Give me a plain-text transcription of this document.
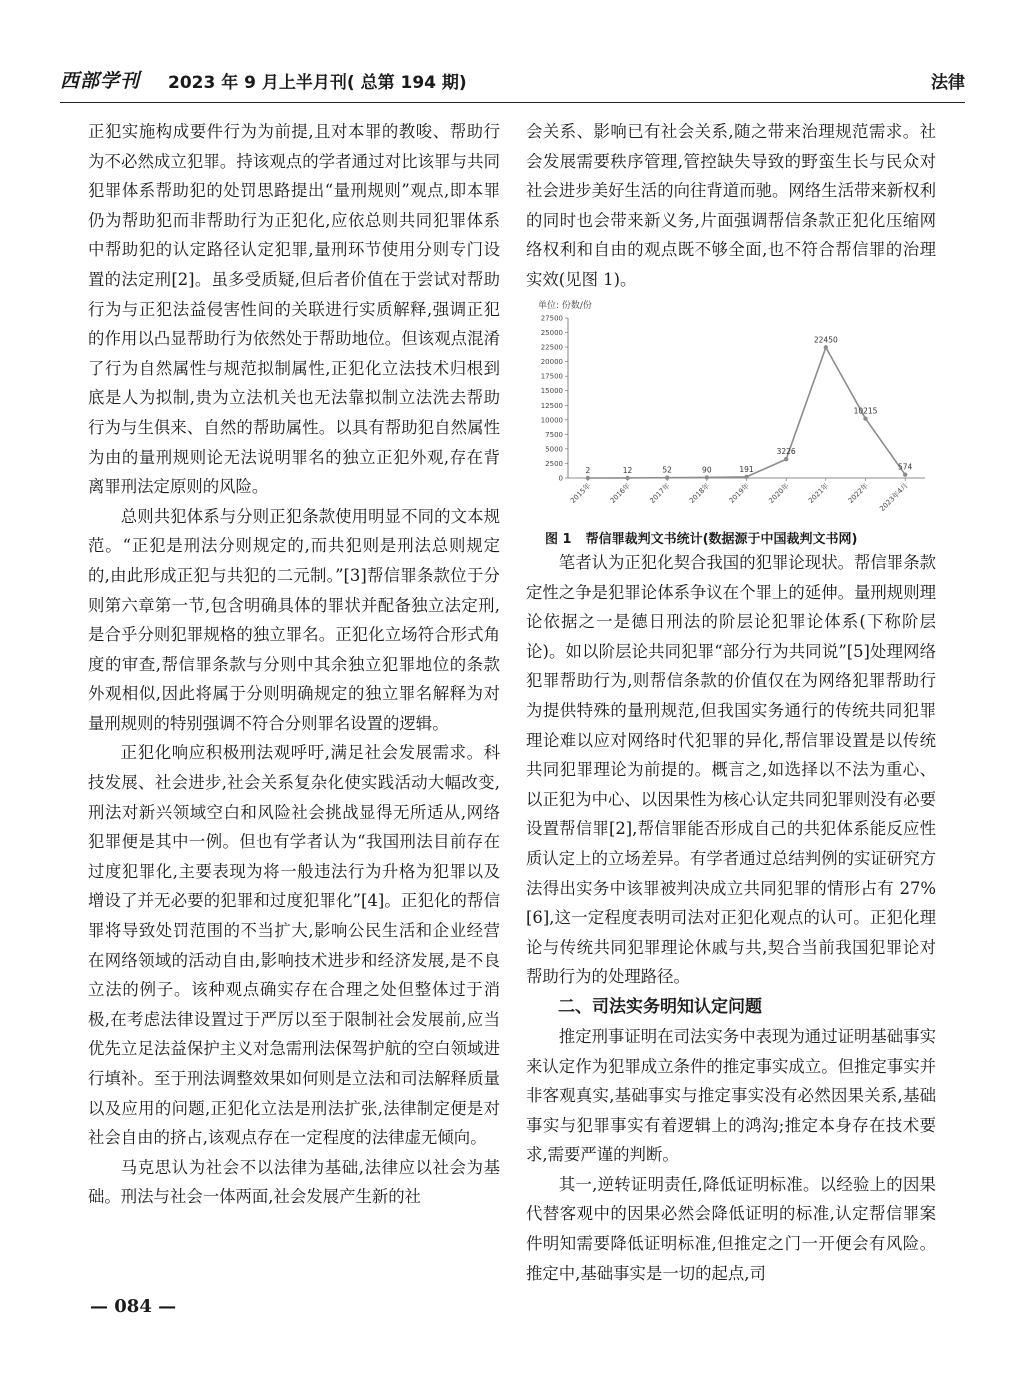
西部学刊 2023 年 9 月上半月刊( 总第 194 期)	法律

正犯实施构成要件行为为前提,且对本罪的教唆、帮助行为不必然成立犯罪。持该观点的学者通过对比该罪与共同犯罪体系帮助犯的处罚思路提出“量刑规则”观点,即本罪仍为帮助犯而非帮助行为正犯化,应依总则共同犯罪体系中帮助犯的认定路径认定犯罪,量刑环节使用分则专门设置的法定刑[2]。虽多受质疑,但后者价值在于尝试对帮助行为与正犯法益侵害性间的关联进行实质解释,强调正犯的作用以凸显帮助行为依然处于帮助地位。但该观点混淆了行为自然属性与规范拟制属性,正犯化立法技术归根到底是人为拟制,贵为立法机关也无法靠拟制立法洗去帮助行为与生俱来、自然的帮助属性。以具有帮助犯自然属性为由的量刑规则论无法说明罪名的独立正犯外观,存在背离罪刑法定原则的风险。

总则共犯体系与分则正犯条款使用明显不同的文本规范。“正犯是刑法分则规定的,而共犯则是刑法总则规定的,由此形成正犯与共犯的二元制。”[3]帮信罪条款位于分则第六章第一节,包含明确具体的罪状并配备独立法定刑,是合乎分则犯罪规格的独立罪名。正犯化立场符合形式角度的审查,帮信罪条款与分则中其余独立犯罪地位的条款外观相似,因此将属于分则明确规定的独立罪名解释为对量刑规则的特别强调不符合分则罪名设置的逻辑。

正犯化响应积极刑法观呼吁,满足社会发展需求。科技发展、社会进步,社会关系复杂化使实践活动大幅改变,刑法对新兴领域空白和风险社会挑战显得无所适从,网络犯罪便是其中一例。但也有学者认为“我国刑法目前存在过度犯罪化,主要表现为将一般违法行为升格为犯罪以及增设了并无必要的犯罪和过度犯罪化”[4]。正犯化的帮信罪将导致处罚范围的不当扩大,影响公民生活和企业经营在网络领域的活动自由,影响技术进步和经济发展,是不良立法的例子。该种观点确实存在合理之处但整体过于消极,在考虑法律设置过于严厉以至于限制社会发展前,应当优先立足法益保护主义对急需刑法保驾护航的空白领域进行填补。至于刑法调整效果如何则是立法和司法解释质量以及应用的问题,正犯化立法是刑法扩张,法律制定便是对社会自由的挤占,该观点存在一定程度的法律虚无倾向。

马克思认为社会不以法律为基础,法律应以社会为基础。刑法与社会一体两面,社会发展产生新的社

会关系、影响已有社会关系,随之带来治理规范需求。社会发展需要秩序管理,管控缺失导致的野蛮生长与民众对社会进步美好生活的向往背道而驰。网络生活带来新权利的同时也会带来新义务,片面强调帮信条款正犯化压缩网络权利和自由的观点既不够全面,也不符合帮信罪的治理实效(见图 1)。

单位: 份数/份
0
2500
5000
7500
10000
12500
15000
17500
20000
22500
25000
27500
2015年 2016年 2017年 2018年 2019年 2020年 2021年 2022年 2023年4月
2	12	52	90	191
3226
22450
10215
574
图 1 帮信罪裁判文书统计(数据源于中国裁判文书网)

笔者认为正犯化契合我国的犯罪论现状。帮信罪条款定性之争是犯罪论体系争议在个罪上的延伸。量刑规则理论依据之一是德日刑法的阶层论犯罪论体系(下称阶层论)。如以阶层论共同犯罪“部分行为共同说”[5]处理网络犯罪帮助行为,则帮信条款的价值仅在为网络犯罪帮助行为提供特殊的量刑规范,但我国实务通行的传统共同犯罪理论难以应对网络时代犯罪的异化,帮信罪设置是以传统共同犯罪理论为前提的。概言之,如选择以不法为重心、以正犯为中心、以因果性为核心认定共同犯罪则没有必要设置帮信罪[2],帮信罪能否形成自己的共犯体系能反应性质认定上的立场差异。有学者通过总结判例的实证研究方法得出实务中该罪被判决成立共同犯罪的情形占有 27%[6],这一定程度表明司法对正犯化观点的认可。正犯化理论与传统共同犯罪理论休戚与共,契合当前我国犯罪论对帮助行为的处理路径。

二、司法实务明知认定问题

推定刑事证明在司法实务中表现为通过证明基础事实来认定作为犯罪成立条件的推定事实成立。但推定事实并非客观真实,基础事实与推定事实没有必然因果关系,基础事实与犯罪事实有着逻辑上的鸿沟;推定本身存在技术要求,需要严谨的判断。

其一,逆转证明责任,降低证明标准。以经验上的因果代替客观中的因果必然会降低证明的标准,认定帮信罪案件明知需要降低证明标准,但推定之门一开便会有风险。推定中,基础事实是一切的起点,司

— 084 —
